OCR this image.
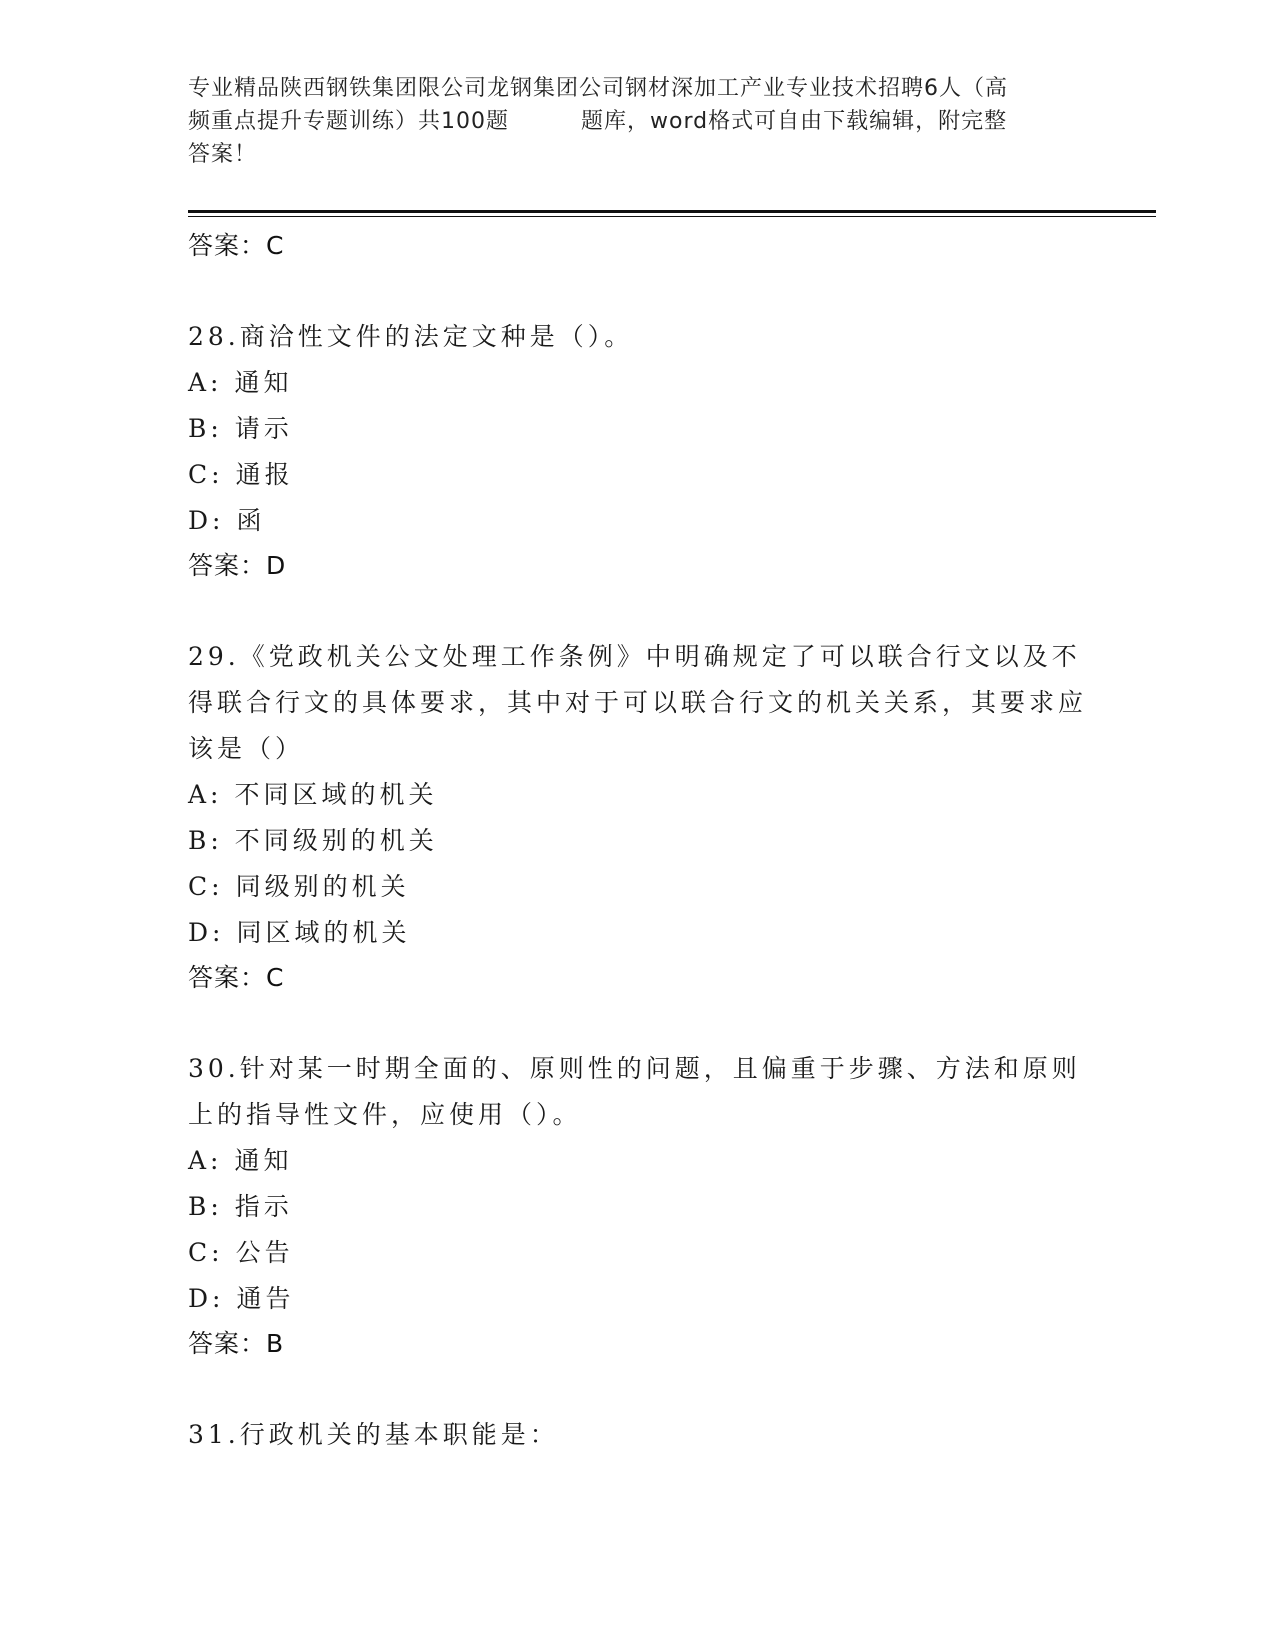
专业精品陕西钢铁集团限公司龙钢集团公司钢材深加工产业专业技术招聘6人（高
频重点提升专题训练）共100题	题库，word格式可自由下载编辑，附完整
答案！
答案：C
28.商洽性文件的法定文种是（）。
A: 通知
B: 请示
C: 通报
D: 函
答案：D
29.《党政机关公文处理工作条例》中明确规定了可以联合行文以及不得联合行文的具体要求，其中对于可以联合行文的机关关系，其要求应该是（）
A: 不同区域的机关
B: 不同级别的机关
C: 同级别的机关
D: 同区域的机关
答案：C
30.针对某一时期全面的、原则性的问题，且偏重于步骤、方法和原则上的指导性文件，应使用（）。
A: 通知
B: 指示
C: 公告
D: 通告
答案：B
31.行政机关的基本职能是：
